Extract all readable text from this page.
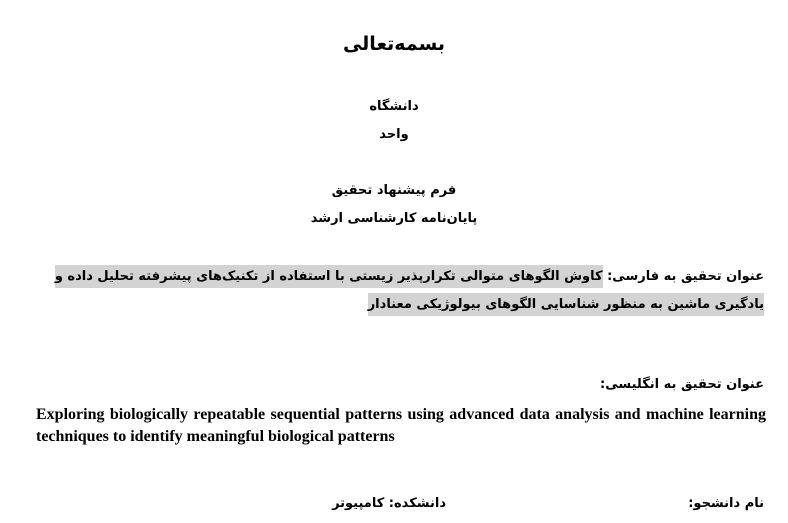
بسمه‌تعالی
دانشگاه
واحد
فرم پیشنهاد تحقیق
پایان‌نامه کارشناسی ارشد
عنوان تحقیق به فارسی: کاوش الگوهای متوالی تکرارپذیر زیستی با استفاده از تکنیک‌های پیشرفته تحلیل داده و یادگیری ماشین به منظور شناسایی الگوهای بیولوژیکی معنادار
عنوان تحقیق به انگلیسی:
Exploring biologically repeatable sequential patterns using advanced data analysis and machine learning techniques to identify meaningful biological patterns
نام دانشجو:
دانشکده: کامپیوتر
